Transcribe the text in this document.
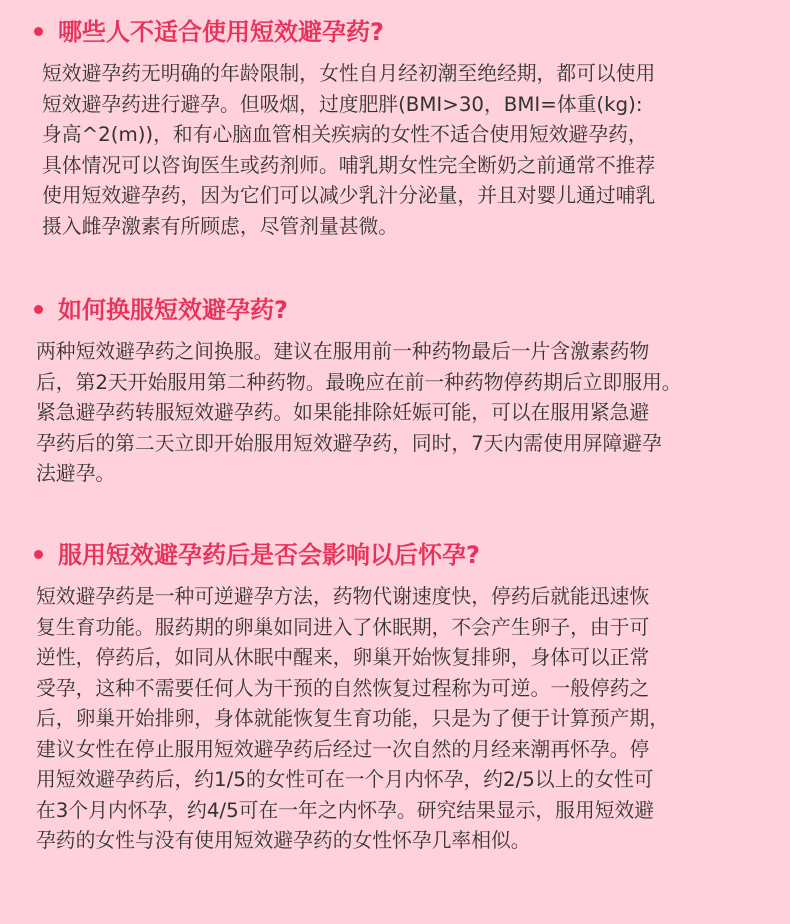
哪些人不适合使用短效避孕药?
短效避孕药无明确的年龄限制，女性自月经初潮至绝经期，都可以使用
短效避孕药进行避孕。但吸烟，过度肥胖(BMI>30，BMI=体重(kg):
身高^2(m))，和有心脑血管相关疾病的女性不适合使用短效避孕药，
具体情况可以咨询医生或药剂师。哺乳期女性完全断奶之前通常不推荐
使用短效避孕药，因为它们可以减少乳汁分泌量，并且对婴儿通过哺乳
摄入雌孕激素有所顾虑，尽管剂量甚微。
如何换服短效避孕药?
两种短效避孕药之间换服。建议在服用前一种药物最后一片含激素药物
后，第2天开始服用第二种药物。最晚应在前一种药物停药期后立即服用。
紧急避孕药转服短效避孕药。如果能排除妊娠可能，可以在服用紧急避
孕药后的第二天立即开始服用短效避孕药，同时，7天内需使用屏障避孕
法避孕。
服用短效避孕药后是否会影响以后怀孕?
短效避孕药是一种可逆避孕方法，药物代谢速度快，停药后就能迅速恢
复生育功能。服药期的卵巢如同进入了休眠期，不会产生卵子，由于可
逆性，停药后，如同从休眠中醒来，卵巢开始恢复排卵，身体可以正常
受孕，这种不需要任何人为干预的自然恢复过程称为可逆。一般停药之
后，卵巢开始排卵，身体就能恢复生育功能，只是为了便于计算预产期，
建议女性在停止服用短效避孕药后经过一次自然的月经来潮再怀孕。停
用短效避孕药后，约1/5的女性可在一个月内怀孕，约2/5以上的女性可
在3个月内怀孕，约4/5可在一年之内怀孕。研究结果显示，服用短效避
孕药的女性与没有使用短效避孕药的女性怀孕几率相似。
